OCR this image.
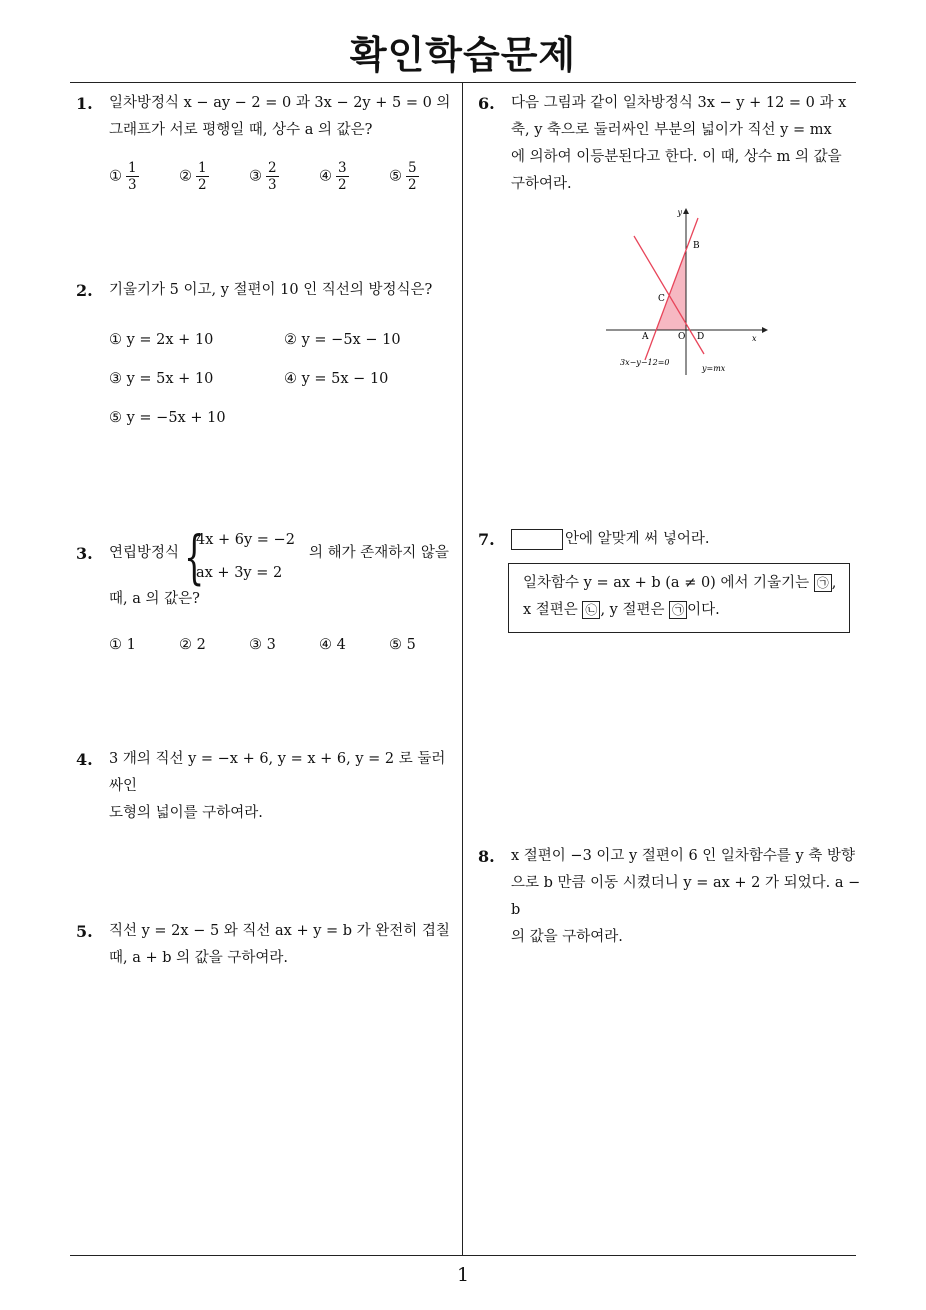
확인학습문제
1
1. 일차방정식 x − ay − 2 = 0 과 3x − 2y + 5 = 0 의
그래프가 서로 평행일 때, 상수 a 의 값은?
① $\frac{1}{3}$	② $\frac{1}{2}$	③ $\frac{2}{3}$	④ $\frac{3}{2}$	⑤ $\frac{5}{2}$
2. 기울기가 5 이고, y 절편이 10 인 직선의 방정식은?
① y = 2x + 10	② y = −5x − 10
③ y = 5x + 10	④ y = 5x − 10
⑤ y = −5x + 10
3. 연립방정식 {
4x + 6y = −2
ax + 3y = 2
의 해가 존재하지 않을
때, a 의 값은?
① 1	② 2	③ 3	④ 4	⑤ 5
4. 3 개의 직선 y = −x + 6, y = x + 6, y = 2 로 둘러싸인
도형의 넓이를 구하여라.
5. 직선 y = 2x − 5 와 직선 ax + y = b 가 완전히 겹칠
때, a + b 의 값을 구하여라.
6. 다음 그림과 같이 일차방정식 3x − y + 12 = 0 과 x
축, y 축으로 둘러싸인 부분의 넓이가 직선 y = mx
에 의하여 이등분된다고 한다. 이 때, 상수 m 의 값을
구하여라.
y
x
B
C
A	O D
3x−y−12=0
y=mx
7.	안에 알맞게 써 넣어라.
일차함수 y = ax + b (a ≠ 0) 에서 기울기는 ㉠ ,
x 절편은 ㉡ , y 절편은 ㉠ 이다.
8. x 절편이 −3 이고 y 절편이 6 인 일차함수를 y 축 방향
으로 b 만큼 이동 시켰더니 y = ax + 2 가 되었다. a − b
의 값을 구하여라.
